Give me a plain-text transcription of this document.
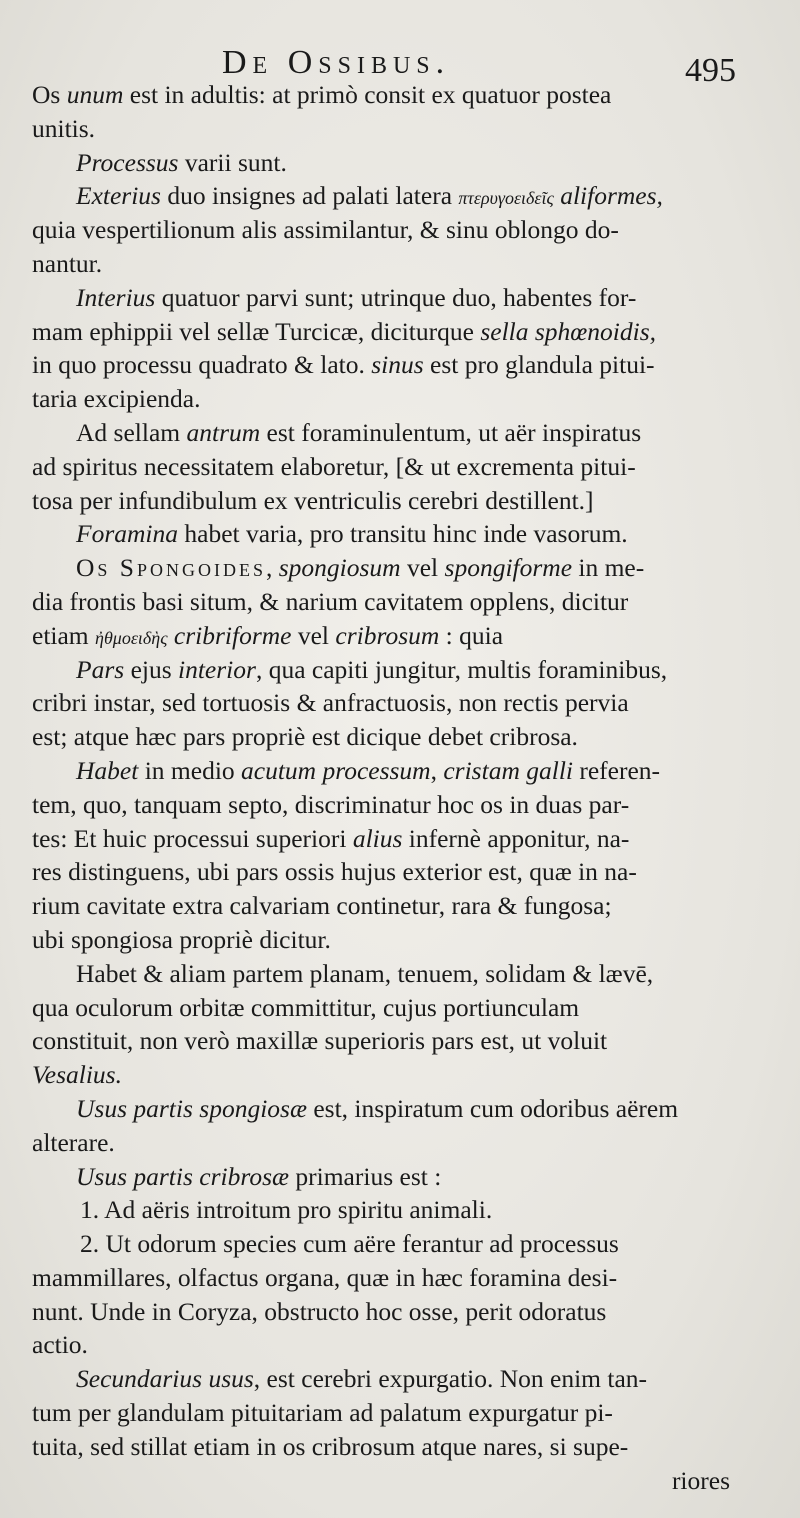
De Ossibus.	495
Os unum est in adultis: at primò consit ex quatuor postea
unitis.
Processus varii sunt.
Exterius duo insignes ad palati latera πτερυγοειδεῖς aliformes,
quia vespertilionum alis assimilantur, & sinu oblongo do-
nantur.
Interius quatuor parvi sunt; utrinque duo, habentes for-
mam ephippii vel sellæ Turcicæ, diciturque sella sphœnoidis,
in quo processu quadrato & lato. sinus est pro glandula pitui-
taria excipienda.
Ad sellam antrum est foraminulentum, ut aër inspiratus
ad spiritus necessitatem elaboretur, [& ut excrementa pitui-
tosa per infundibulum ex ventriculis cerebri destillent.]
Foramina habet varia, pro transitu hinc inde vasorum.
Os Spongoides, spongiosum vel spongiforme in me-
dia frontis basi situm, & narium cavitatem opplens, dicitur
etiam ἠθμοειδὴς cribriforme vel cribrosum : quia
Pars ejus interior, qua capiti jungitur, multis foraminibus,
cribri instar, sed tortuosis & anfractuosis, non rectis pervia
est; atque hæc pars propriè est dicique debet cribrosa.
Habet in medio acutum processum, cristam galli referen-
tem, quo, tanquam septo, discriminatur hoc os in duas par-
tes: Et huic processui superiori alius infernè apponitur, na-
res distinguens, ubi pars ossis hujus exterior est, quæ in na-
rium cavitate extra calvariam continetur, rara & fungosa;
ubi spongiosa propriè dicitur.
Habet & aliam partem planam, tenuem, solidam & lævē,
qua oculorum orbitæ committitur, cujus portiunculam
constituit, non verò maxillæ superioris pars est, ut voluit
Vesalius.
Usus partis spongiosæ est, inspiratum cum odoribus aërem
alterare.
Usus partis cribrosæ primarius est :
1. Ad aëris introitum pro spiritu animali.
2. Ut odorum species cum aëre ferantur ad processus
mammillares, olfactus organa, quæ in hæc foramina desi-
nunt. Unde in Coryza, obstructo hoc osse, perit odoratus
actio.
Secundarius usus, est cerebri expurgatio. Non enim tan-
tum per glandulam pituitariam ad palatum expurgatur pi-
tuita, sed stillat etiam in os cribrosum atque nares, si supe-
riores
